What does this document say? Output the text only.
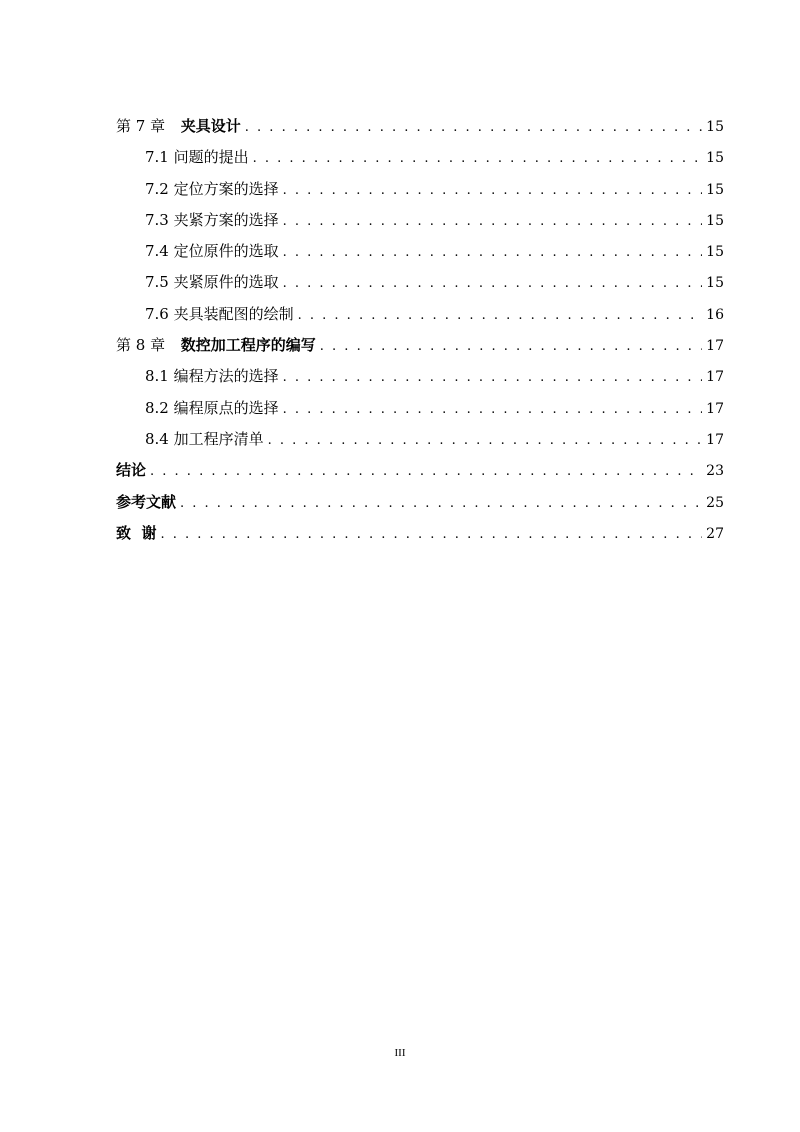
第 7 章 夹具设计 . . .	15
7.1 问题的提出 . . .	15
7.2 定位方案的选择 . . .	15
7.3 夹紧方案的选择 . . .	15
7.4 定位原件的选取 . . .	15
7.5 夹紧原件的选取 . . .	15
7.6 夹具装配图的绘制 . . .	16
第 8 章 数控加工程序的编写 . . .	17
8.1 编程方法的选择 . . .	17
8.2 编程原点的选择 . . .	17
8.4 加工程序清单 . . .	17
结论 . . .	23
参考文献 . . .	25
致  谢 . . .	27
III
